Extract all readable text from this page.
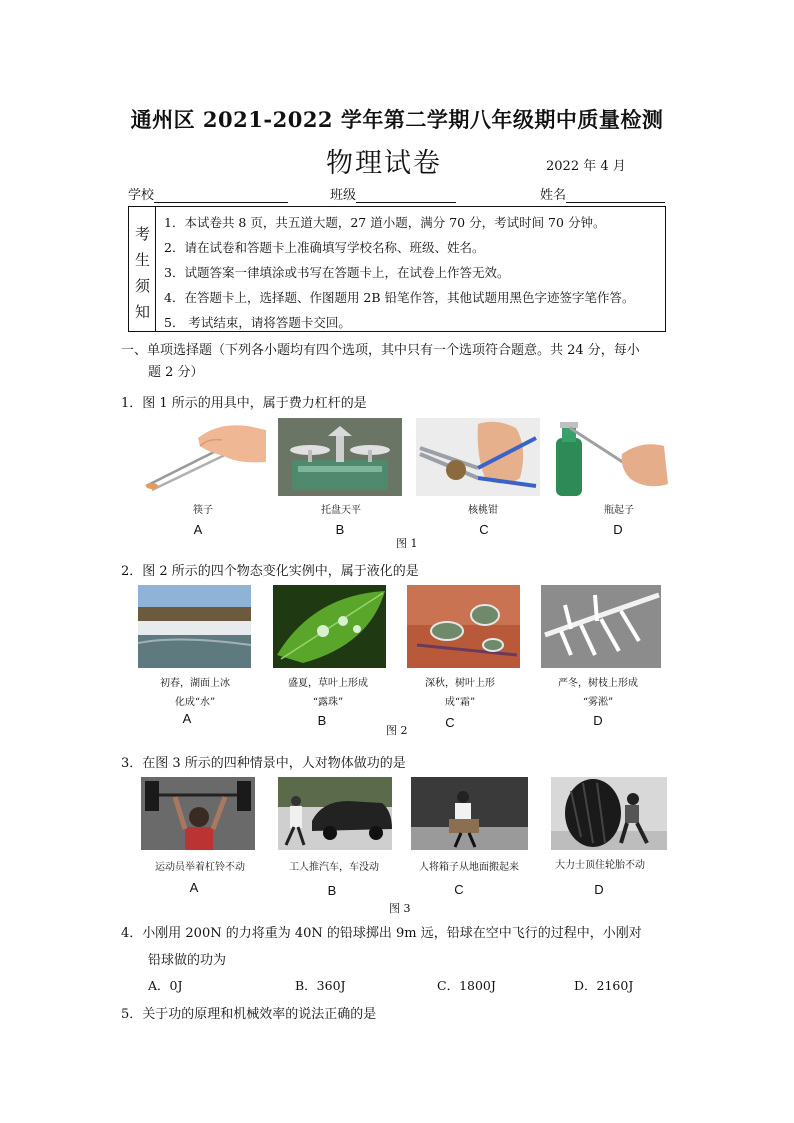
通州区 2021-2022 学年第二学期八年级期中质量检测
物理试卷	2022 年 4 月
学校	班级	姓名
考
生
须
知
1．本试卷共 8 页，共五道大题，27 道小题，满分 70 分，考试时间 70 分钟。
2．请在试卷和答题卡上准确填写学校名称、班级、姓名。
3．试题答案一律填涂或书写在答题卡上，在试卷上作答无效。
4．在答题卡上，选择题、作图题用 2B 铅笔作答，其他试题用黑色字迹签字笔作答。
5． 考试结束，请将答题卡交回。
一、单项选择题（下列各小题均有四个选项，其中只有一个选项符合题意。共 24 分，每小
题 2 分）
1．图 1 所示的用具中，属于费力杠杆的是
筷子	托盘天平	核桃钳	瓶起子
A	B	C	D
图 1
2．图 2 所示的四个物态变化实例中，属于液化的是
初春，湖面上冰
化成“水”
盛夏，草叶上形成
“露珠”
深秋，树叶上形
成“霜”
严冬，树枝上形成
“雾淞”
A	B	C	D
图 2
3．在图 3 所示的四种情景中，人对物体做功的是
运动员举着杠铃不动	工人推汽车，车没动	人将箱子从地面搬起来	大力士顶住轮胎不动
A	B	C	D
图 3
4．小刚用 200N 的力将重为 40N 的铅球掷出 9m 远，铅球在空中飞行的过程中，小刚对
铅球做的功为
A．0J	B．360J	C．1800J	D．2160J
5．关于功的原理和机械效率的说法正确的是
